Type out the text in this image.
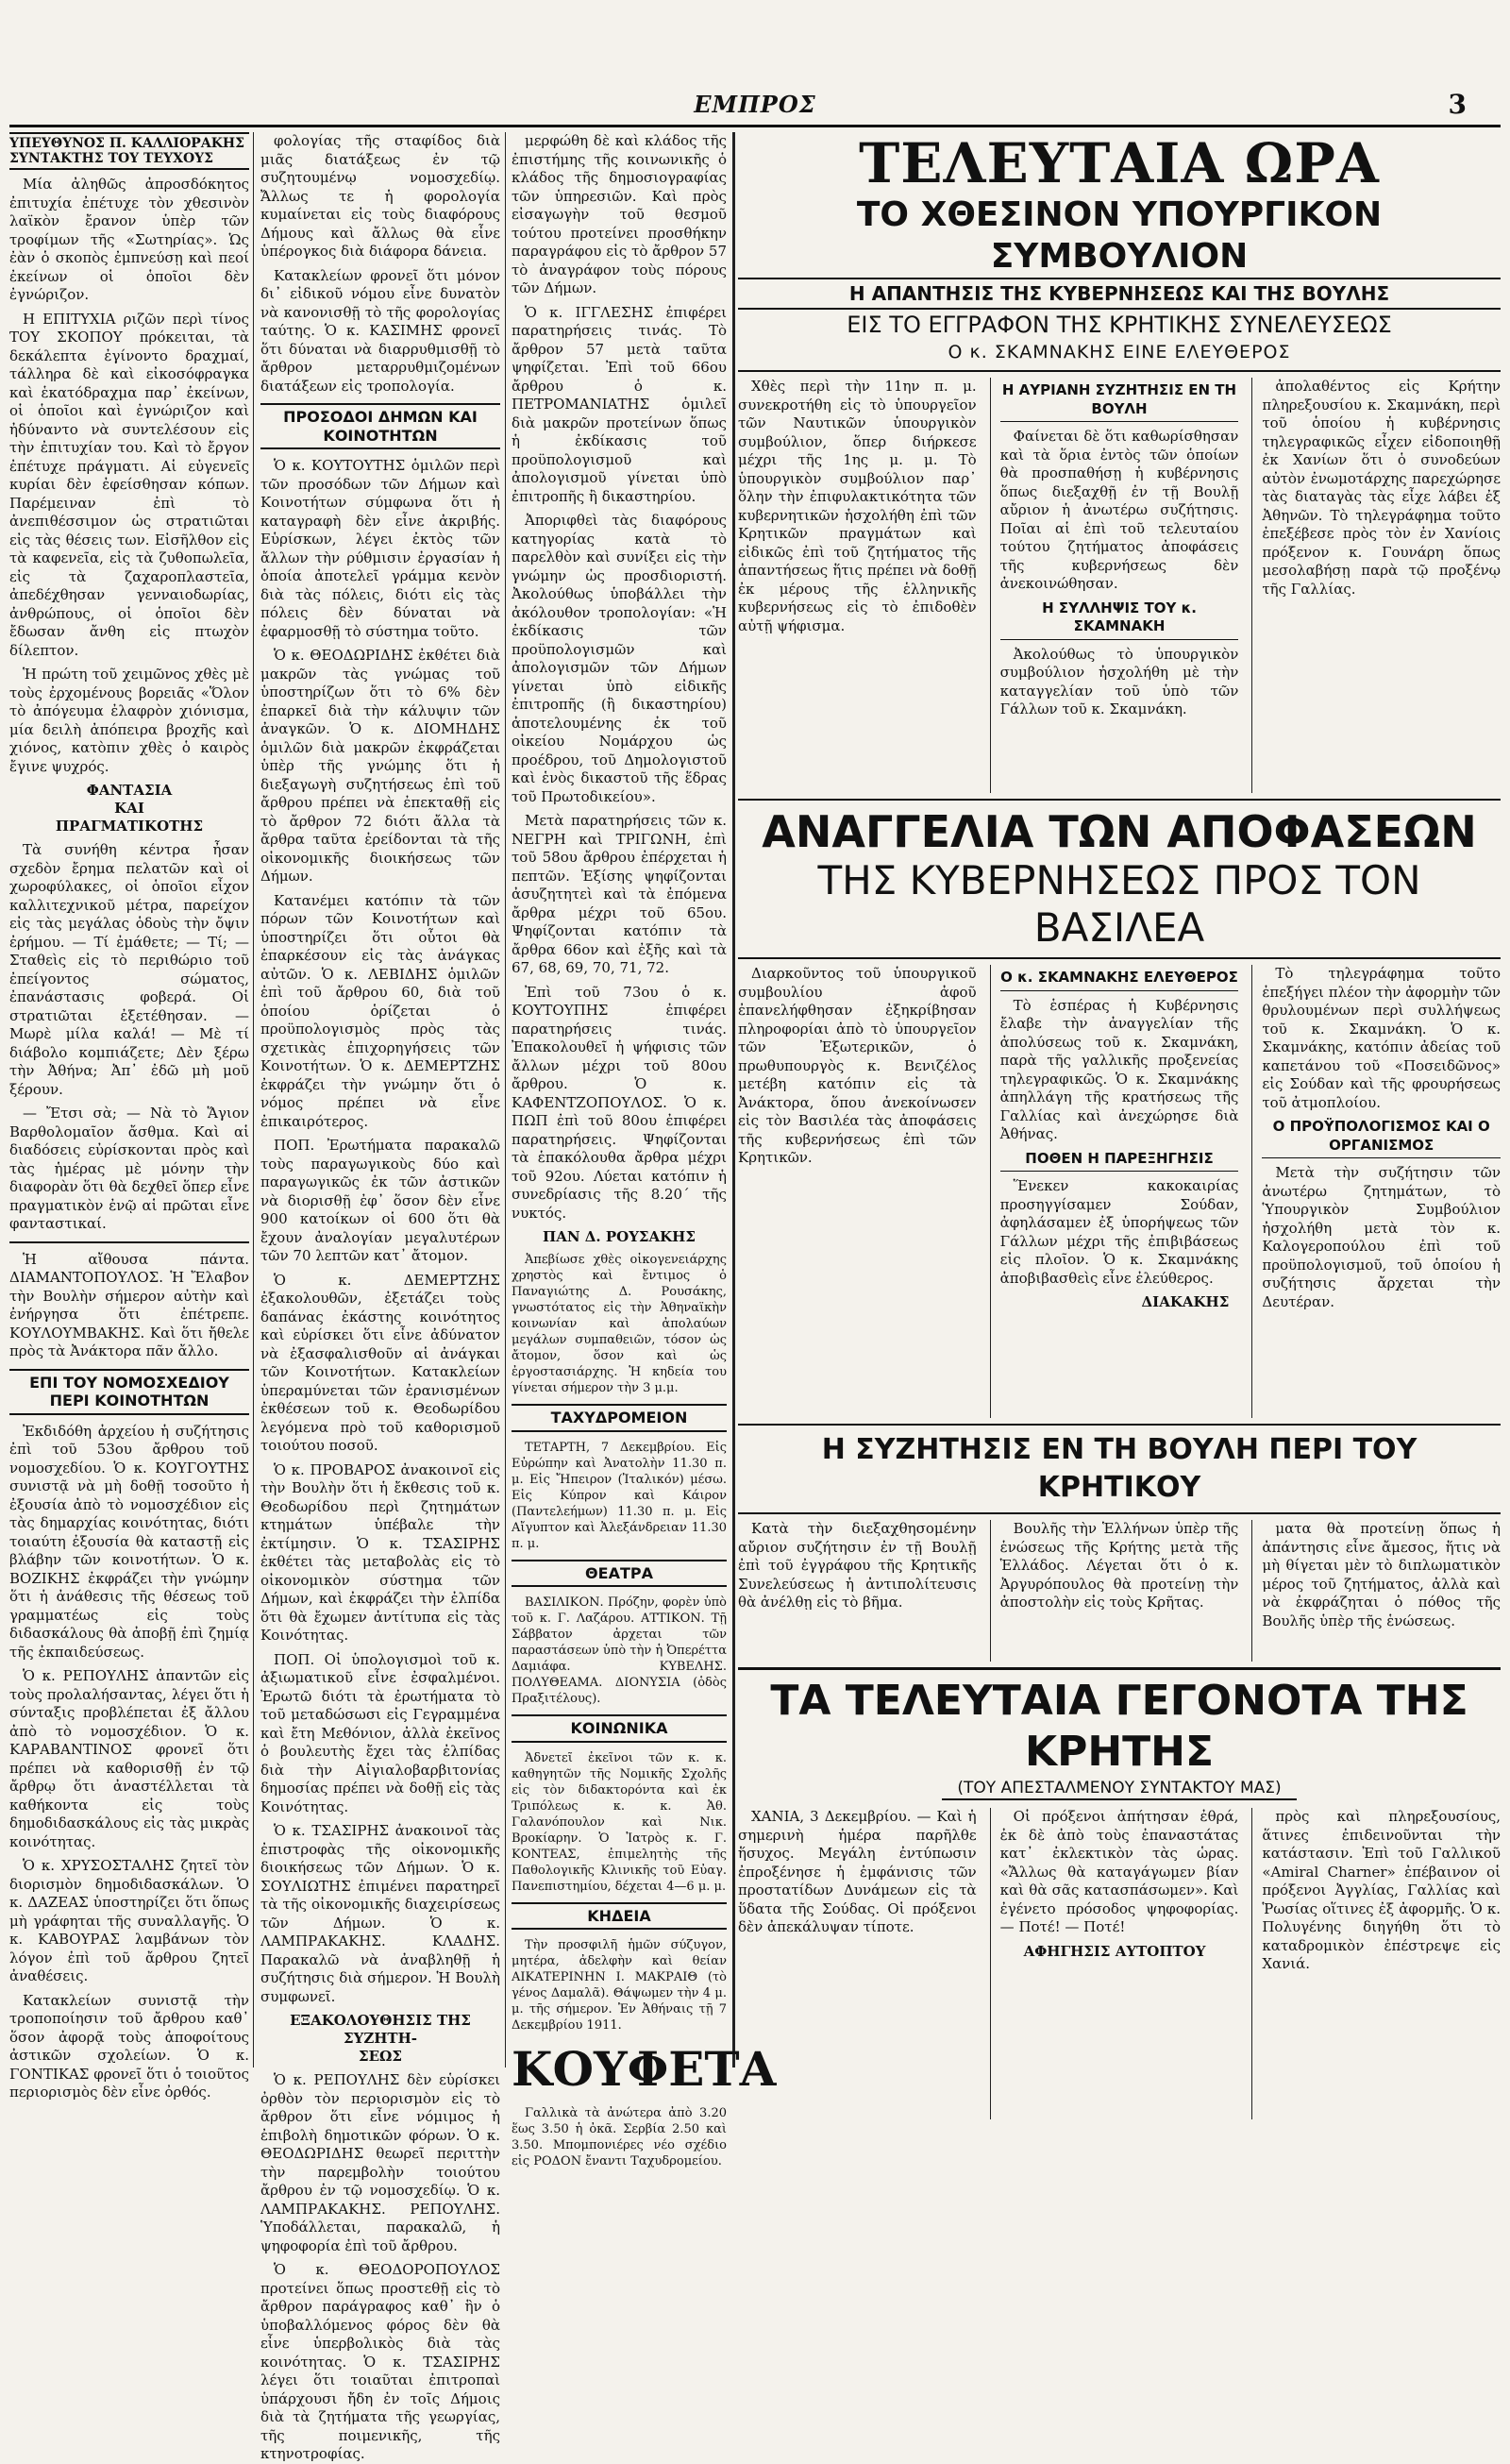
ΕΜΠΡΟΣ	3
ΥΠΕΥΘΥΝΟΣ Π. ΚΑΛΛΙΟΡΑΚΗΣ
ΣΥΝΤΑΚΤΗΣ ΤΟΥ ΤΕΥΧΟΥΣ

Μία ἀληθῶς ἀπροσδόκητος ἐπιτυχία ἐπέτυχε τὸν χθεσινὸν λαϊκὸν ἔρανον ὑπὲρ τῶν τροφίμων τῆς «Σωτηρίας». Ὡς ἐὰν ὁ σκοπὸς ἐμπνεύσῃ καὶ πεοί ἐκείνων οἱ ὁποῖοι δὲν ἐγνώριζον.

Η ΕΠΙΤΥΧΙΑ ριζῶν περὶ τίνος ΤΟΥ ΣΚΟΠΟΥ πρόκειται, τὰ δεκάλεπτα ἐγίνοντο δραχμαί, τάλληρα δὲ καὶ εἰκοσόφραγκα καὶ ἑκατόδραχμα παρ᾽ ἐκείνων, οἱ ὁποῖοι καὶ ἐγνώριζον καὶ ἠδύναντο νὰ συντελέσουν εἰς τὴν ἐπιτυχίαν του. Καὶ τὸ ἔργον ἐπέτυχε πράγματι. Αἱ εὐγενεῖς κυρίαι δὲν ἐφείσθησαν κόπων. Παρέμειναν ἐπὶ τὸ ἀνεπιθέσσιμον ὡς στρατιῶται εἰς τὰς θέσεις των. Εἰσῆλθον εἰς τὰ καφενεῖα, εἰς τὰ ζυθοπωλεῖα, εἰς τὰ ζαχαροπλαστεῖα, ἀπεδέχθησαν γενναιοδωρίας, ἀνθρώπους, οἱ ὁποῖοι δὲν ἔδωσαν ἄνθη εἰς πτωχὸν δίλεπτον.

Ἡ πρώτη τοῦ χειμῶνος χθὲς μὲ τοὺς ἐρχομένους βορειᾶς «Ὅλον τὸ ἀπόγευμα ἐλαφρὸν χιόνισμα, μία δειλὴ ἀπόπειρα βροχῆς καὶ χιόνος, κατὸπιν χθὲς ὁ καιρὸς ἔγινε ψυχρός.

ΦΑΝΤΑΣΙΑ
ΚΑΙ
ΠΡΑΓΜΑΤΙΚΟΤΗΣ

Τὰ συνήθη κέντρα ἦσαν σχεδὸν ἔρημα πελατῶν καὶ οἱ χωροφύλακες, οἱ ὁποῖοι εἶχον καλλιτεχνικοῦ μέτρα, παρείχον εἰς τὰς μεγάλας ὁδοὺς τὴν ὄψιν ἐρήμου. — Τί ἐμάθετε; — Τί; — Σταθεὶς εἰς τὸ περιθώριο τοῦ ἐπείγοντος σώματος, ἐπανάστασις φοβερά. Οἱ στρατιῶται ἐξετέθησαν. — Μωρὲ μίλα καλά! — Μὲ τί διάβολο κομπιάζετε; Δὲν ξέρω τὴν Ἀθήνα; Ἀπ᾽ ἐδῶ μὴ μοῦ ξέρουν.

— Ἔτσι σὰ; — Νὰ τὸ Ἅγιον Βαρθολομαῖον ἄσθμα. Καὶ αἱ διαδόσεις εὐρίσκονται πρὸς καὶ τὰς ἡμέρας μὲ μόνην τὴν διαφορὰν ὅτι θὰ δεχθεῖ ὅπερ εἶνε πραγματικὸν ἐνῷ αἱ πρῶται εἶνε φανταστικαί.

Ἡ αἴθουσα πάντα. ΔΙΑΜΑΝΤΟΠΟΥΛΟΣ. Ἡ Ἔλαβον τὴν Βουλὴν σήμερον αὐτὴν καὶ ἐνήργησα ὅτι ἐπέτρεπε. ΚΟΥΛΟΥΜΒΑΚΗΣ. Καὶ ὅτι ἤθελε πρὸς τὰ Ἀνάκτορα πᾶν ἄλλο.

ΕΠΙ ΤΟΥ ΝΟΜΟΣΧΕΔΙΟΥ
ΠΕΡΙ ΚΟΙΝΟΤΗΤΩΝ

Ἐκδιδόθη ἀρχείου ἡ συζήτησις ἐπὶ τοῦ 53ου ἄρθρου τοῦ νομοσχεδίου. Ὁ κ. ΚΟΥΓΟΥΤΗΣ συνιστᾷ νὰ μὴ δοθῇ τοσοῦτο ἡ ἐξουσία ἀπὸ τὸ νομοσχέδιον εἰς τὰς δημαρχίας κοινότητας, διότι τοιαύτη ἐξουσία θὰ καταστῇ εἰς βλάβην τῶν κοινοτήτων. Ὁ κ. ΒΟΖΙΚΗΣ ἐκφράζει τὴν γνώμην ὅτι ἡ ἀνάθεσις τῆς θέσεως τοῦ γραμματέως εἰς τοὺς διδασκάλους θὰ ἀποβῇ ἐπὶ ζημίᾳ τῆς ἐκπαιδεύσεως.

Ὁ κ. ΡΕΠΟΥΛΗΣ ἀπαντῶν εἰς τοὺς προλαλήσαντας, λέγει ὅτι ἡ σύνταξις προβλέπεται ἐξ ἄλλου ἀπὸ τὸ νομοσχέδιον. Ὁ κ. ΚΑΡΑΒΑΝΤΙΝΟΣ φρονεῖ ὅτι πρέπει νὰ καθορισθῇ ἐν τῷ ἄρθρῳ ὅτι ἀναστέλλεται τὰ καθήκοντα εἰς τοὺς δημοδιδασκάλους εἰς τὰς μικρὰς κοινότητας.

Ὁ κ. ΧΡΥΣΟΣΤΑΛΗΣ ζητεῖ τὸν διορισμὸν δημοδιδασκάλων. Ὁ κ. ΔΑΖΕΑΣ ὑποστηρίζει ὅτι ὅπως μὴ γράφηται τῆς συναλλαγῆς. Ὁ κ. ΚΑΒΟΥΡΑΣ λαμβάνων τὸν λόγον ἐπὶ τοῦ ἄρθρου ζητεῖ ἀναθέσεις.

Κατακλείων συνιστᾷ τὴν τροποποίησιν τοῦ ἄρθρου καθ᾽ ὅσον ἀφορᾷ τοὺς ἀποφοίτους ἀστικῶν σχολείων. Ὁ κ. ΓΟΝΤΙΚΑΣ φρονεῖ ὅτι ὁ τοιοῦτος περιορισμὸς δὲν εἶνε ὀρθός.

φολογίας τῆς σταφίδος διὰ μιᾶς διατάξεως ἐν τῷ συζητουμένῳ νομοσχεδίῳ. Ἄλλως τε ἡ φορολογία κυμαίνεται εἰς τοὺς διαφόρους Δήμους καὶ ἄλλως θὰ εἶνε ὑπέρογκος διὰ διάφορα δάνεια.

Κατακλείων φρονεῖ ὅτι μόνον δι᾽ εἰδικοῦ νόμου εἶνε δυνατὸν νὰ κανονισθῇ τὸ τῆς φορολογίας ταύτης. Ὁ κ. ΚΑΣΙΜΗΣ φρονεῖ ὅτι δύναται νὰ διαρρυθμισθῇ τὸ ἄρθρον μεταρρυθμιζομένων διατάξεων εἰς τροπολογία.

ΠΡΟΣΟΔΟΙ ΔΗΜΩΝ ΚΑΙ ΚΟΙΝΟΤΗΤΩΝ

Ὁ κ. ΚΟΥΤΟΥΤΗΣ ὁμιλῶν περὶ τῶν προσόδων τῶν Δήμων καὶ Κοινοτήτων σύμφωνα ὅτι ἡ καταγραφὴ δὲν εἶνε ἀκριβής. Εὑρίσκων, λέγει ἐκτὸς τῶν ἄλλων τὴν ρύθμισιν ἐργασίαν ἡ ὁποία ἀποτελεῖ γράμμα κενὸν διὰ τὰς πόλεις, διότι εἰς τὰς πόλεις δὲν δύναται νὰ ἐφαρμοσθῇ τὸ σύστημα τοῦτο.

Ὁ κ. ΘΕΟΔΩΡΙΔΗΣ ἐκθέτει διὰ μακρῶν τὰς γνώμας τοῦ ὑποστηρίζων ὅτι τὸ 6% δὲν ἐπαρκεῖ διὰ τὴν κάλυψιν τῶν ἀναγκῶν. Ὁ κ. ΔΙΟΜΗΔΗΣ ὁμιλῶν διὰ μακρῶν ἐκφράζεται ὑπὲρ τῆς γνώμης ὅτι ἡ διεξαγωγὴ συζητήσεως ἐπὶ τοῦ ἄρθρου πρέπει νὰ ἐπεκταθῇ εἰς τὸ ἄρθρον 72 διότι ἄλλα τὰ ἄρθρα ταῦτα ἐρείδονται τὰ τῆς οἰκονομικῆς διοικήσεως τῶν Δήμων.

Κατανέμει κατόπιν τὰ τῶν πόρων τῶν Κοινοτήτων καὶ ὑποστηρίζει ὅτι οὗτοι θὰ ἐπαρκέσουν εἰς τὰς ἀνάγκας αὐτῶν. Ὁ κ. ΛΕΒΙΔΗΣ ὁμιλῶν ἐπὶ τοῦ ἄρθρου 60, διὰ τοῦ ὁποίου ὁρίζεται ὁ προϋπολογισμὸς πρὸς τὰς σχετικὰς ἐπιχορηγήσεις τῶν Κοινοτήτων. Ὁ κ. ΔΕΜΕΡΤΖΗΣ ἐκφράζει τὴν γνώμην ὅτι ὁ νόμος πρέπει νὰ εἶνε ἐπικαιρότερος.

ΠΟΠ. Ἐρωτήματα παρακαλῶ τοὺς παραγωγικοὺς δύο καὶ παραγωγικῶς ἐκ τῶν ἀστικῶν νὰ διορισθῇ ἐφ᾽ ὅσον δὲν εἶνε 900 κατοίκων οἱ 600 ὅτι θὰ ἔχουν ἀναλογίαν μεγαλυτέρων τῶν 70 λεπτῶν κατ᾽ ἄτομον.

Ὁ κ. ΔΕΜΕΡΤΖΗΣ ἐξακολουθῶν, ἐξετάζει τοὺς δαπάνας ἐκάστης κοινότητος καὶ εὑρίσκει ὅτι εἶνε ἀδύνατον νὰ ἐξασφαλισθοῦν αἱ ἀνάγκαι τῶν Κοινοτήτων. Κατακλείων ὑπεραμύνεται τῶν ἐρανισμένων ἐκθέσεων τοῦ κ. Θεοδωρίδου λεγόμενα πρὸ τοῦ καθορισμοῦ τοιούτου ποσοῦ.

Ὁ κ. ΠΡΟΒΑΡΟΣ ἀνακοινοῖ εἰς τὴν Βουλὴν ὅτι ἡ ἔκθεσις τοῦ κ. Θεοδωρίδου περὶ ζητημάτων κτημάτων ὑπέβαλε τὴν ἐκτίμησιν. Ὁ κ. ΤΣΑΣΙΡΗΣ ἐκθέτει τὰς μεταβολὰς εἰς τὸ οἰκονομικὸν σύστημα τῶν Δήμων, καὶ ἐκφράζει τὴν ἐλπίδα ὅτι θὰ ἔχωμεν ἀντίτυπα εἰς τὰς Κοινότητας.

ΠΟΠ. Οἱ ὑπολογισμοὶ τοῦ κ. ἀξιωματικοῦ εἶνε ἐσφαλμένοι. Ἐρωτῶ διότι τὰ ἐρωτήματα τὸ τοῦ μεταδώσωσι εἰς Γεγραμμένα καὶ ἔτη Μεθόνιον, ἀλλὰ ἐκεῖνος ὁ βουλευτὴς ἔχει τὰς ἐλπίδας διὰ τὴν Αἰγιαλοβαρβιτονίας δημοσίας πρέπει νὰ δοθῇ εἰς τὰς Κοινότητας.

Ὁ κ. ΤΣΑΣΙΡΗΣ ἀνακοινοῖ τὰς ἐπιστροφὰς τῆς οἰκονομικῆς διοικήσεως τῶν Δήμων. Ὁ κ. ΣΟΥΛΙΩΤΗΣ ἐπιμένει παρατηρεῖ τὰ τῆς οἰκονομικῆς διαχειρίσεως τῶν Δήμων. Ὁ κ. ΛΑΜΠΡΑΚΑΚΗΣ. ΚΛΑΔΗΣ. Παρακαλῶ νὰ ἀναβληθῇ ἡ συζήτησις διὰ σήμερον. Ἡ Βουλὴ συμφωνεῖ.

ΕΞΑΚΟΛΟΥΘΗΣΙΣ ΤΗΣ ΣΥΖΗΤΗ-
ΣΕΩΣ

Ὁ κ. ΡΕΠΟΥΛΗΣ δὲν εὑρίσκει ὀρθὸν τὸν περιορισμὸν εἰς τὸ ἄρθρον ὅτι εἶνε νόμιμος ἡ ἐπιβολὴ δημοτικῶν φόρων. Ὁ κ. ΘΕΟΔΩΡΙΔΗΣ θεωρεῖ περιττὴν τὴν παρεμβολὴν τοιούτου ἄρθρου ἐν τῷ νομοσχεδίῳ. Ὁ κ. ΛΑΜΠΡΑΚΑΚΗΣ. ΡΕΠΟΥΛΗΣ. Ὑποδάλλεται, παρακαλῶ, ἡ ψηφοφορία ἐπὶ τοῦ ἄρθρου.

Ὁ κ. ΘΕΟΔΟΡΟΠΟΥΛΟΣ προτείνει ὅπως προστεθῇ εἰς τὸ ἄρθρον παράγραφος καθ᾽ ἣν ὁ ὑποβαλλόμενος φόρος δὲν θὰ εἶνε ὑπερβολικὸς διὰ τὰς κοινότητας. Ὁ κ. ΤΣΑΣΙΡΗΣ λέγει ὅτι τοιαῦται ἐπιτροπαὶ ὑπάρχουσι ἤδη ἐν τοῖς Δήμοις διὰ τὰ ζητήματα τῆς γεωργίας, τῆς ποιμενικῆς, τῆς κτηνοτροφίας.

μερφώθη δὲ καὶ κλάδος τῆς ἐπιστήμης τῆς κοινωνικῆς ὁ κλάδος τῆς δημοσιογραφίας τῶν ὑπηρεσιῶν. Καὶ πρὸς εἰσαγωγὴν τοῦ θεσμοῦ τούτου προτείνει προσθήκην παραγράφου εἰς τὸ ἄρθρον 57 τὸ ἀναγράφον τοὺς πόρους τῶν Δήμων.

Ὁ κ. ΙΓΓΛΕΣΗΣ ἐπιφέρει παρατηρήσεις τινάς. Τὸ ἄρθρον 57 μετὰ ταῦτα ψηφίζεται. Ἐπὶ τοῦ 66ου ἄρθρου ὁ κ. ΠΕΤΡΟΜΑΝΙΑΤΗΣ ὁμιλεῖ διὰ μακρῶν προτείνων ὅπως ἡ ἐκδίκασις τοῦ προϋπολογισμοῦ καὶ ἀπολογισμοῦ γίνεται ὑπὸ ἐπιτροπῆς ἢ δικαστηρίου.

Ἀποριφθεὶ τὰς διαφόρους κατηγορίας κατὰ τὸ παρελθὸν καὶ συνίξει εἰς τὴν γνώμην ὡς προσδιοριστή. Ἀκολούθως ὑποβάλλει τὴν ἀκόλουθον τροπολογίαν: «Ἡ ἐκδίκασις τῶν προϋπολογισμῶν καὶ ἀπολογισμῶν τῶν Δήμων γίνεται ὑπὸ εἰδικῆς ἐπιτροπῆς (ἢ δικαστηρίου) ἀποτελουμένης ἐκ τοῦ οἰκείου Νομάρχου ὡς προέδρου, τοῦ Δημολογιστοῦ καὶ ἑνὸς δικαστοῦ τῆς ἕδρας τοῦ Πρωτοδικείου».

Μετὰ παρατηρήσεις τῶν κ. ΝΕΓΡΗ καὶ ΤΡΙΓΩΝΗ, ἐπὶ τοῦ 58ου ἄρθρου ἐπέρχεται ἡ πεπτῶν. Ἐξίσης ψηφίζονται ἀσυζητητεὶ καὶ τὰ ἐπόμενα ἄρθρα μέχρι τοῦ 65ου. Ψηφίζονται κατόπιν τὰ ἄρθρα 66ον καὶ ἐξῆς καὶ τὰ 67, 68, 69, 70, 71, 72.

Ἐπὶ τοῦ 73ου ὁ κ. ΚΟΥΤΟΥΠΗΣ ἐπιφέρει παρατηρήσεις τινάς. Ἐπακολουθεῖ ἡ ψήφισις τῶν ἄλλων μέχρι τοῦ 80ου ἄρθρου. Ὁ κ. ΚΑΦΕΝΤΖΟΠΟΥΛΟΣ. Ὁ κ. ΠΩΠ ἐπὶ τοῦ 80ου ἐπιφέρει παρατηρήσεις. Ψηφίζονται τὰ ἑπακόλουθα ἄρθρα μέχρι τοῦ 92ου. Λύεται κατόπιν ἡ συνεδρίασις τῆς 8.20΄ τῆς νυκτός.

ΠΑΝ Δ. ΡΟΥΣΑΚΗΣ

Ἀπεβίωσε χθὲς οἰκογενειάρχης χρηστὸς καὶ ἔντιμος ὁ Παναγιώτης Δ. Ρουσάκης, γνωστότατος εἰς τὴν Ἀθηναϊκὴν κοινωνίαν καὶ ἀπολαύων μεγάλων συμπαθειῶν, τόσον ὡς ἄτομον, ὅσον καὶ ὡς ἐργοστασιάρχης. Ἡ κηδεία του γίνεται σήμερον τὴν 3 μ.μ.

ΤΑΧΥΔΡΟΜΕΙΟΝ

ΤΕΤΑΡΤΗ, 7 Δεκεμβρίου. Εἰς Εὐρώπην καὶ Ἀνατολὴν 11.30 π. μ. Εἰς Ἤπειρον (Ἰταλικόν) μέσω. Εἰς Κύπρον καὶ Κάιρον (Παντελεήμων) 11.30 π. μ. Εἰς Αἴγυπτον καὶ Ἀλεξάνδρειαν 11.30 π. μ.

ΘΕΑΤΡΑ

ΒΑΣΙΛΙΚΟΝ. Πρόζην, φορὲν ὑπὸ τοῦ κ. Γ. Λαζάρου. ΑΤΤΙΚΟΝ. Τῇ Σάββατον ἀρχεται τῶν παραστάσεων ὑπὸ τὴν ἡ Ὀπερέττα Δαμιάφα. ΚΥΒΕΛΗΣ. ΠΟΛΥΘΕΑΜΑ. ΔΙΟΝΥΣΙΑ (ὁδὸς Πραξιτέλους).

ΚΟΙΝΩΝΙΚΑ

Ἀδνετεῖ ἐκεῖνοι τῶν κ. κ. καθηγητῶν τῆς Νομικῆς Σχολῆς εἰς τὸν διδακτορόντα καὶ ἐκ Τριπόλεως κ. κ. Ἀθ. Γαλανόπουλον καὶ Νικ. Βροκίαρην. Ὁ Ἰατρὸς κ. Γ. ΚΟΝΤΕΑΣ, ἐπιμελητὴς τῆς Παθολογικῆς Κλινικῆς τοῦ Εὐαγ. Πανεπιστημίου, δέχεται 4—6 μ. μ.

ΚΗΔΕΙΑ

Τὴν προσφιλῆ ἡμῶν σύζυγον, μητέρα, ἀδελφὴν καὶ θείαν ΑΙΚΑΤΕΡΙΝΗΝ Ι. ΜΑΚΡΑΙΘ (τὸ γένος Δαμαλᾶ). Θάψωμεν τὴν 4 μ. μ. τῆς σήμερον. Ἐν Ἀθήναις τῇ 7 Δεκεμβρίου 1911.

ΚΟΥΦΕΤΑ

Γαλλικὰ τὰ ἀνώτερα ἀπὸ 3.20 ἕως 3.50 ἡ ὀκᾶ. Σερβία 2.50 καὶ 3.50. Μπομπονιέρες νέο σχέδιο εἰς ΡΟΔΟΝ ἔναντι Ταχυδρομείου.

ΤΕΛΕΥΤΑΙΑ ΩΡΑ
ΤΟ ΧΘΕΣΙΝΟΝ ΥΠΟΥΡΓΙΚΟΝ ΣΥΜΒΟΥΛΙΟΝ
Η ΑΠΑΝΤΗΣΙΣ ΤΗΣ ΚΥΒΕΡΝΗΣΕΩΣ ΚΑΙ ΤΗΣ ΒΟΥΛΗΣ
ΕΙΣ ΤΟ ΕΓΓΡΑΦΟΝ ΤΗΣ ΚΡΗΤΙΚΗΣ ΣΥΝΕΛΕΥΣΕΩΣ
Ο κ. ΣΚΑΜΝΑΚΗΣ ΕΙΝΕ ΕΛΕΥΘΕΡΟΣ

Χθὲς περὶ τὴν 11ην π. μ. συνεκροτήθη εἰς τὸ ὑπουργεῖον τῶν Ναυτικῶν ὑπουργικὸν συμβούλιον, ὅπερ διήρκεσε μέχρι τῆς 1ης μ. μ. Τὸ ὑπουργικὸν συμβούλιον παρ᾽ ὅλην τὴν ἐπιφυλακτικότητα τῶν κυβερνητικῶν ἡσχολήθη ἐπὶ τῶν Κρητικῶν πραγμάτων καὶ εἰδικῶς ἐπὶ τοῦ ζητήματος τῆς ἀπαντήσεως ἥτις πρέπει νὰ δοθῇ ἐκ μέρους τῆς ἑλληνικῆς κυβερνήσεως εἰς τὸ ἐπιδοθὲν αὐτῇ ψήφισμα.

Η ΑΥΡΙΑΝΗ ΣΥΖΗΤΗΣΙΣ ΕΝ ΤΗ ΒΟΥΛΗ

Φαίνεται δὲ ὅτι καθωρίσθησαν καὶ τὰ ὅρια ἐντὸς τῶν ὁποίων θὰ προσπαθήσῃ ἡ κυβέρνησις ὅπως διεξαχθῇ ἐν τῇ Βουλῇ αὔριον ἡ ἀνωτέρω συζήτησις. Ποῖαι αἱ ἐπὶ τοῦ τελευταίου τούτου ζητήματος ἀποφάσεις τῆς κυβερνήσεως δὲν ἀνεκοινώθησαν.

Η ΣΥΛΛΗΨΙΣ ΤΟΥ κ. ΣΚΑΜΝΑΚΗ

Ἀκολούθως τὸ ὑπουργικὸν συμβούλιον ἠσχολήθη μὲ τὴν καταγγελίαν τοῦ ὑπὸ τῶν Γάλλων τοῦ κ. Σκαμνάκη.

ἀπολαθέντος εἰς Κρήτην πληρεξουσίου κ. Σκαμνάκη, περὶ τοῦ ὁποίου ἡ κυβέρνησις τηλεγραφικῶς εἶχεν εἰδοποιηθῇ ἐκ Χανίων ὅτι ὁ συνοδεύων αὐτὸν ἐνωμοτάρχης παρεχώρησε τὰς διαταγὰς τὰς εἶχε λάβει ἐξ Ἀθηνῶν. Τὸ τηλεγράφημα τοῦτο ἐπεξέβεσε πρὸς τὸν ἐν Χανίοις πρόξενον κ. Γουνάρη ὅπως μεσολαβήσῃ παρὰ τῷ προξένῳ τῆς Γαλλίας.

ΑΝΑΓΓΕΛΙΑ ΤΩΝ ΑΠΟΦΑΣΕΩΝ
ΤΗΣ ΚΥΒΕΡΝΗΣΕΩΣ ΠΡΟΣ ΤΟΝ ΒΑΣΙΛΕΑ

Διαρκοῦντος τοῦ ὑπουργικοῦ συμβουλίου ἀφοῦ ἐπανελήφθησαν ἐξηκρίβησαν πληροφορίαι ἀπὸ τὸ ὑπουργεῖον τῶν Ἐξωτερικῶν, ὁ πρωθυπουργὸς κ. Βενιζέλος μετέβη κατόπιν εἰς τὰ Ἀνάκτορα, ὅπου ἀνεκοίνωσεν εἰς τὸν Βασιλέα τὰς ἀποφάσεις τῆς κυβερνήσεως ἐπὶ τῶν Κρητικῶν.

Ο κ. ΣΚΑΜΝΑΚΗΣ ΕΛΕΥΘΕΡΟΣ

Τὸ ἑσπέρας ἡ Κυβέρνησις ἔλαβε τὴν ἀναγγελίαν τῆς ἀπολύσεως τοῦ κ. Σκαμνάκη, παρὰ τῆς γαλλικῆς προξενείας τηλεγραφικῶς. Ὁ κ. Σκαμνάκης ἀπηλλάγη τῆς κρατήσεως τῆς Γαλλίας καὶ ἀνεχώρησε διὰ Ἀθήνας.

ΠΟΘΕΝ Η ΠΑΡΕΞΗΓΗΣΙΣ

Ἕνεκεν κακοκαιρίας προσηγγίσαμεν Σούδαν, ἀφηλάσαμεν ἐξ ὑπορήψεως τῶν Γάλλων μέχρι τῆς ἐπιβιβάσεως εἰς πλοῖον. Ὁ κ. Σκαμνάκης ἀποβιβασθεὶς εἶνε ἐλεύθερος.

ΔΙΑΚΑΚΗΣ

Τὸ τηλεγράφημα τοῦτο ἐπεξήγει πλέον τὴν ἀφορμὴν τῶν θρυλουμένων περὶ συλλήψεως τοῦ κ. Σκαμνάκη. Ὁ κ. Σκαμνάκης, κατόπιν ἀδείας τοῦ καπετάνου τοῦ «Ποσειδῶνος» εἰς Σούδαν καὶ τῆς φρουρήσεως τοῦ ἀτμοπλοίου.

Ο ΠΡΟΫΠΟΛΟΓΙΣΜΟΣ ΚΑΙ Ο ΟΡΓΑΝΙΣΜΟΣ

Μετὰ τὴν συζήτησιν τῶν ἀνωτέρω ζητημάτων, τὸ Ὑπουργικὸν Συμβούλιον ἠσχολήθη μετὰ τὸν κ. Καλογεροπούλου ἐπὶ τοῦ προϋπολογισμοῦ, τοῦ ὁποίου ἡ συζήτησις ἄρχεται τὴν Δευτέραν.

Η ΣΥΖΗΤΗΣΙΣ ΕΝ ΤΗ ΒΟΥΛΗ ΠΕΡΙ ΤΟΥ ΚΡΗΤΙΚΟΥ

Κατὰ τὴν διεξαχθησομένην αὔριον συζήτησιν ἐν τῇ Βουλῇ ἐπὶ τοῦ ἐγγράφου τῆς Κρητικῆς Συνελεύσεως ἡ ἀντιπολίτευσις θὰ ἀνέλθῃ εἰς τὸ βῆμα.

Βουλῆς τὴν Ἑλλήνων ὑπὲρ τῆς ἑνώσεως τῆς Κρήτης μετὰ τῆς Ἑλλάδος. Λέγεται ὅτι ὁ κ. Ἀργυρόπουλος θὰ προτείνῃ τὴν ἀποστολὴν εἰς τοὺς Κρῆτας.

ματα θὰ προτείνῃ ὅπως ἡ ἀπάντησις εἶνε ἄμεσος, ἥτις νὰ μὴ θίγεται μὲν τὸ διπλωματικὸν μέρος τοῦ ζητήματος, ἀλλὰ καὶ νὰ ἐκφράζηται ὁ πόθος τῆς Βουλῆς ὑπὲρ τῆς ἑνώσεως.

ΤΑ ΤΕΛΕΥΤΑΙΑ ΓΕΓΟΝΟΤΑ ΤΗΣ ΚΡΗΤΗΣ
(ΤΟΥ ΑΠΕΣΤΑΛΜΕΝΟΥ ΣΥΝΤΑΚΤΟΥ ΜΑΣ)

ΧΑΝΙΑ, 3 Δεκεμβρίου. — Καὶ ἡ σημερινὴ ἡμέρα παρῆλθε ἥσυχος. Μεγάλη ἐντύπωσιν ἐπροξένησε ἡ ἐμφάνισις τῶν προστατίδων Δυνάμεων εἰς τὰ ὕδατα τῆς Σούδας. Οἱ πρόξενοι δὲν ἀπεκάλυψαν τίποτε.

Οἱ πρόξενοι ἀπήτησαν ἐθρά, ἐκ δὲ ἀπὸ τοὺς ἐπαναστάτας κατ᾽ ἐκλεκτικὸν τὰς ὡρας. «Ἄλλως θὰ καταγάγωμεν βίαν καὶ θὰ σᾶς κατασπάσωμεν». Καὶ ἐγένετο πρόσοδος ψηφοφορίας. — Ποτέ! — Ποτέ!

ΑΦΗΓΗΣΙΣ ΑΥΤΟΠΤΟΥ

πρὸς καὶ πληρεξουσίους, ἅτινες ἐπιδεινοῦνται τὴν κατάστασιν. Ἐπὶ τοῦ Γαλλικοῦ «Amiral Charner» ἐπέβαινον οἱ πρόξενοι Ἀγγλίας, Γαλλίας καὶ Ῥωσίας οἵτινες ἐξ ἀφορμῆς. Ὁ κ. Πολυγένης διηγήθη ὅτι τὸ καταδρομικὸν ἐπέστρεψε εἰς Χανιά.
